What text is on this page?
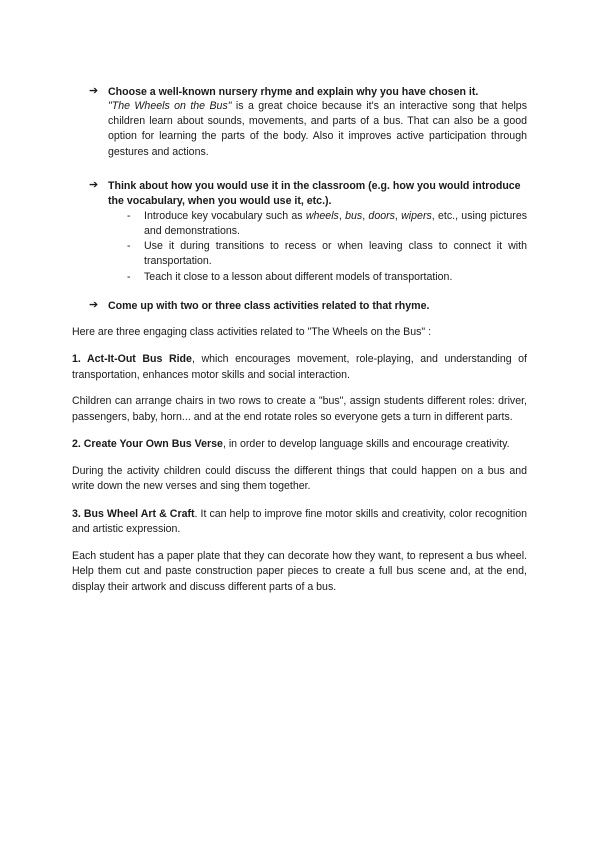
➔ Choose a well-known nursery rhyme and explain why you have chosen it.
"The Wheels on the Bus" is a great choice because it's an interactive song that helps children learn about sounds, movements, and parts of a bus. That can also be a good option for learning the parts of the body. Also it improves active participation through gestures and actions.
➔ Think about how you would use it in the classroom (e.g. how you would introduce the vocabulary, when you would use it, etc.).
- Introduce key vocabulary such as wheels, bus, doors, wipers, etc., using pictures and demonstrations.
- Use it during transitions to recess or when leaving class to connect it with transportation.
- Teach it close to a lesson about different models of transportation.
➔ Come up with two or three class activities related to that rhyme.
Here are three engaging class activities related to "The Wheels on the Bus" :
1. Act-It-Out Bus Ride, which encourages movement, role-playing, and understanding of transportation, enhances motor skills and social interaction.
Children can arrange chairs in two rows to create a "bus", assign students different roles: driver, passengers, baby, horn... and at the end rotate roles so everyone gets a turn in different parts.
2. Create Your Own Bus Verse, in order to develop language skills and encourage creativity.
During the activity children could discuss the different things that could happen on a bus and write down the new verses and sing them together.
3. Bus Wheel Art & Craft. It can help to improve fine motor skills and creativity, color recognition and artistic expression.
Each student has a paper plate that they can decorate how they want, to represent a bus wheel. Help them cut and paste construction paper pieces to create a full bus scene and, at the end, display their artwork and discuss different parts of a bus.
